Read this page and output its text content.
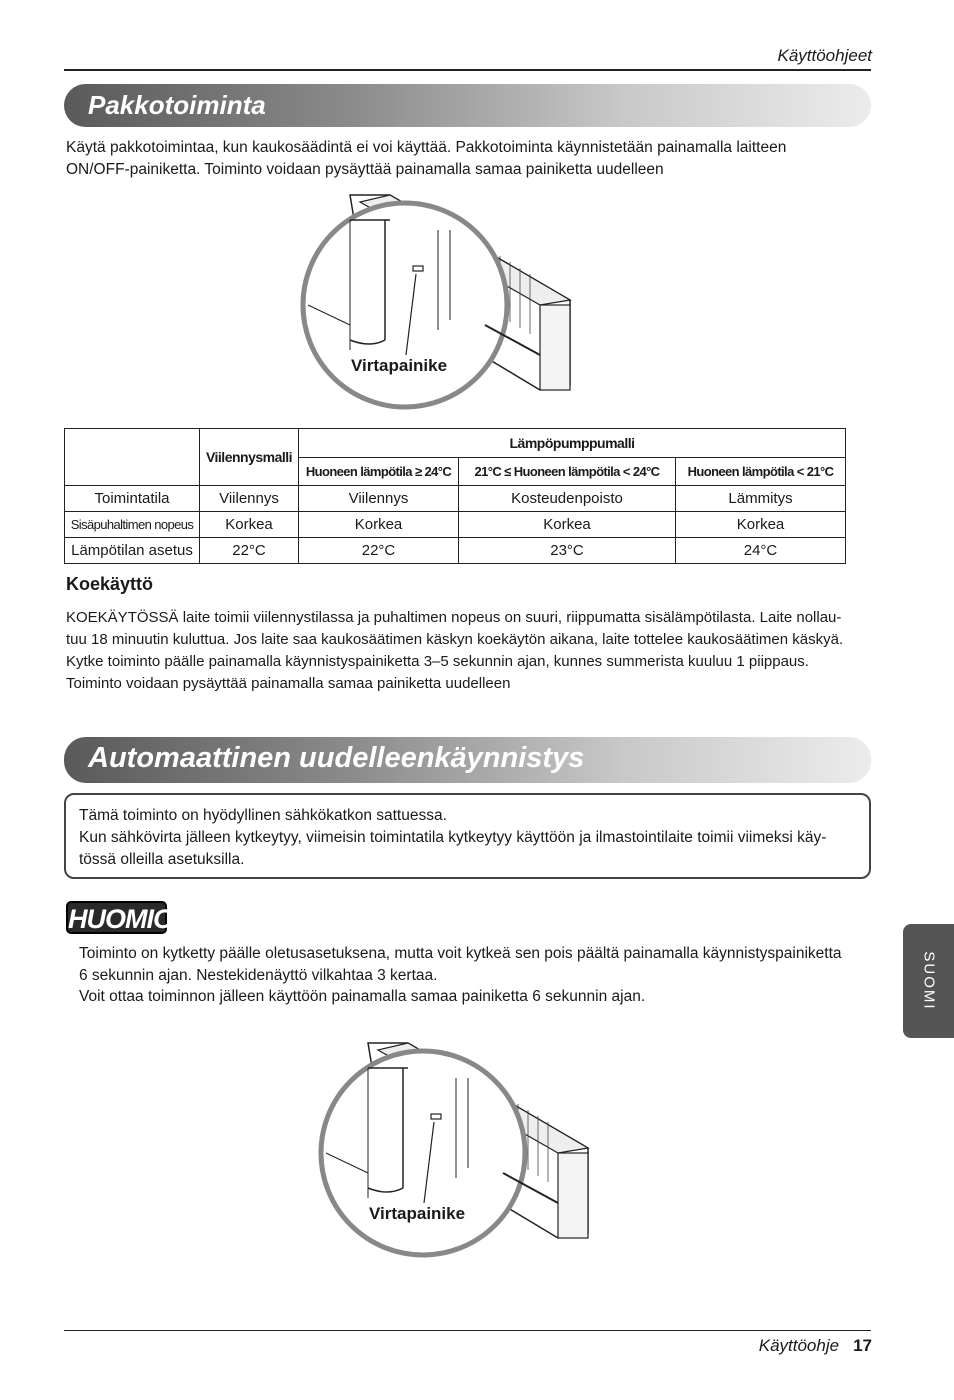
Käyttöohjeet
Pakkotoiminta
Käytä pakkotoimintaa, kun kaukosäädintä ei voi käyttää. Pakkotoiminta käynnistetään painamalla laitteen
ON/OFF-painiketta. Toiminto voidaan pysäyttää painamalla samaa painiketta uudelleen
Virtapainike
	Viilennysmalli	Lämpöpumppumalli		
		Huoneen lämpötila ≥ 24°C	21°C ≤ Huoneen lämpötila < 24°C	Huoneen lämpötila < 21°C
Toimintatila	Viilennys	Viilennys	Kosteudenpoisto	Lämmitys
Sisäpuhaltimen nopeus	Korkea	Korkea	Korkea	Korkea
Lämpötilan asetus	22°C	22°C	23°C	24°C
Koekäyttö
KOEKÄYTÖSSÄ laite toimii viilennystilassa ja puhaltimen nopeus on suuri, riippumatta sisälämpötilasta. Laite nollau-
tuu 18 minuutin kuluttua. Jos laite saa kaukosäätimen käskyn koekäytön aikana, laite tottelee kaukosäätimen käskyä.
Kytke toiminto päälle painamalla käynnistyspainiketta 3–5 sekunnin ajan, kunnes summerista kuuluu 1 piippaus.
Toiminto voidaan pysäyttää painamalla samaa painiketta uudelleen
Automaattinen uudelleenkäynnistys
Tämä toiminto on hyödyllinen sähkökatkon sattuessa.
Kun sähkövirta jälleen kytkeytyy, viimeisin toimintatila kytkeytyy käyttöön ja ilmastointilaite toimii viimeksi käy-
tössä olleilla asetuksilla.
HUOMIO
Toiminto on kytketty päälle oletusasetuksena, mutta voit kytkeä sen pois päältä painamalla käynnistyspainiketta
6 sekunnin ajan. Nestekidenäyttö vilkahtaa 3 kertaa.
Voit ottaa toiminnon jälleen käyttöön painamalla samaa painiketta 6 sekunnin ajan.	SUOMI
Virtapainike
Käyttöohje 17
